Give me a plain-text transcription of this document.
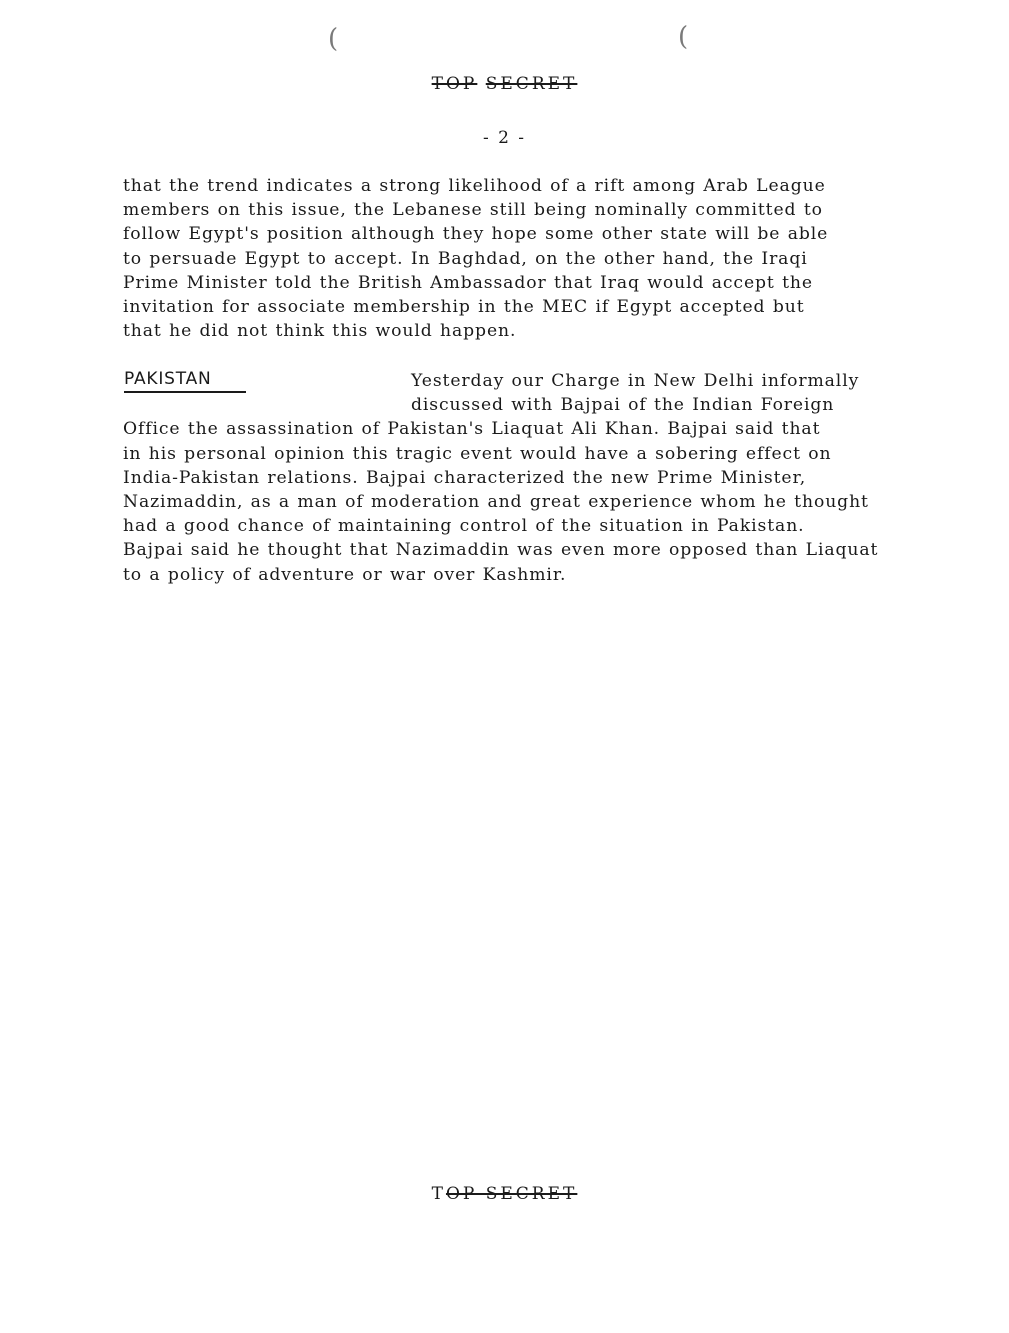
(	(
TOP SECRET
- 2 -
that the trend indicates a strong likelihood of a rift among Arab League
members on this issue, the Lebanese still being nominally committed to
follow Egypt's position although they hope some other state will be able
to persuade Egypt to accept. In Baghdad, on the other hand, the Iraqi
Prime Minister told the British Ambassador that Iraq would accept the
invitation for associate membership in the MEC if Egypt accepted but
that he did not think this would happen.
PAKISTAN	Yesterday our Charge in New Delhi informally
discussed with Bajpai of the Indian Foreign
Office the assassination of Pakistan's Liaquat Ali Khan. Bajpai said that
in his personal opinion this tragic event would have a sobering effect on
India-Pakistan relations. Bajpai characterized the new Prime Minister,
Nazimaddin, as a man of moderation and great experience whom he thought
had a good chance of maintaining control of the situation in Pakistan.
Bajpai said he thought that Nazimaddin was even more opposed than Liaquat
to a policy of adventure or war over Kashmir.
TOP SECRET
